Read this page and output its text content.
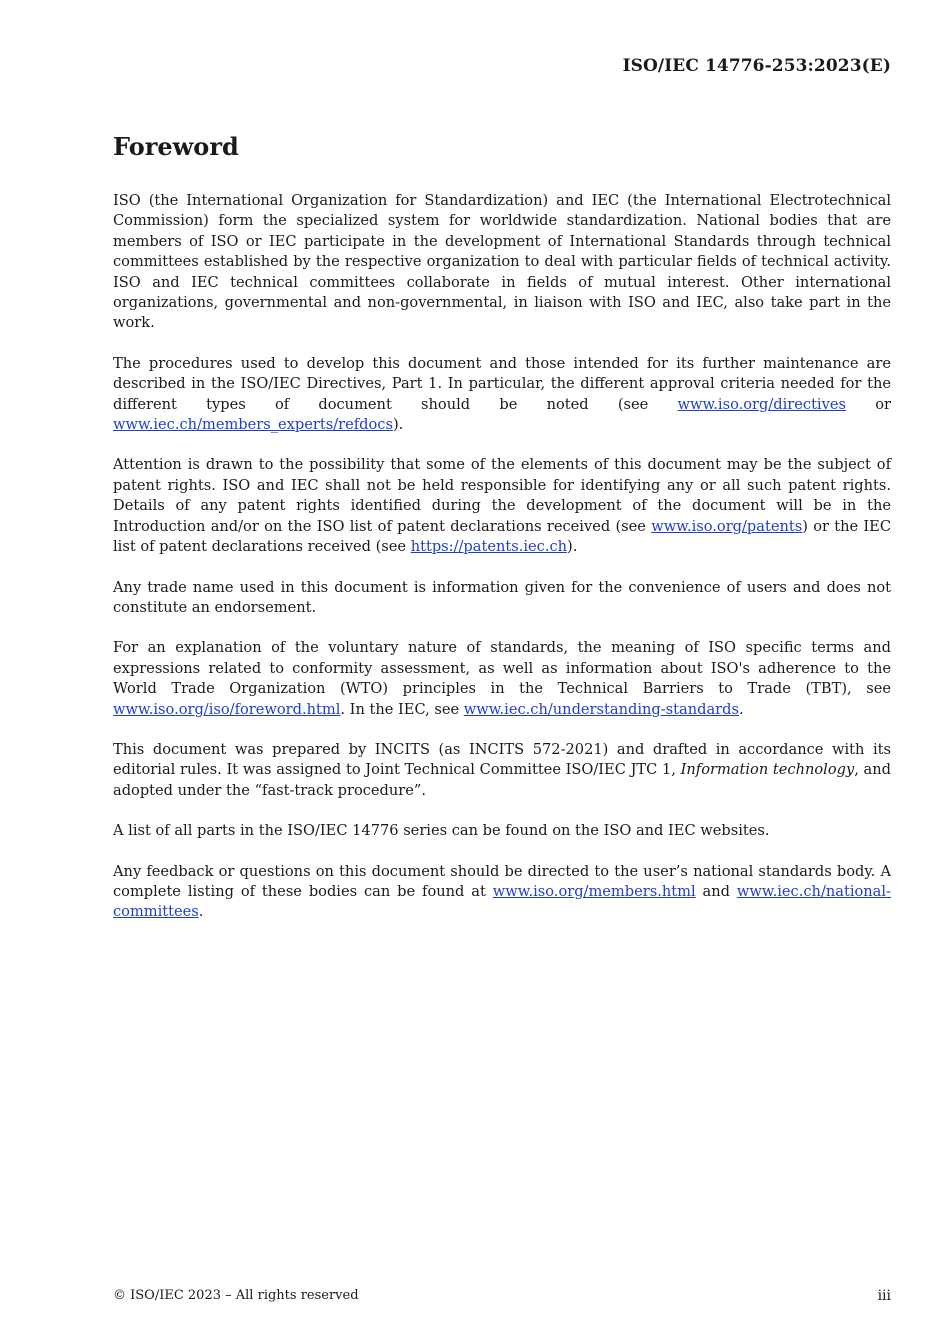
ISO/IEC 14776-253:2023(E)
Foreword

ISO (the International Organization for Standardization) and IEC (the International Electrotechnical Commission) form the specialized system for worldwide standardization. National bodies that are members of ISO or IEC participate in the development of International Standards through technical committees established by the respective organization to deal with particular fields of technical activity. ISO and IEC technical committees collaborate in fields of mutual interest. Other international organizations, governmental and non-governmental, in liaison with ISO and IEC, also take part in the work.

The procedures used to develop this document and those intended for its further maintenance are described in the ISO/IEC Directives, Part 1. In particular, the different approval criteria needed for the different types of document should be noted (see www.iso.org/directives or www.iec.ch/members_experts/refdocs).

Attention is drawn to the possibility that some of the elements of this document may be the subject of patent rights. ISO and IEC shall not be held responsible for identifying any or all such patent rights. Details of any patent rights identified during the development of the document will be in the Introduction and/or on the ISO list of patent declarations received (see www.iso.org/patents) or the IEC list of patent declarations received (see https://patents.iec.ch).

Any trade name used in this document is information given for the convenience of users and does not constitute an endorsement.

For an explanation of the voluntary nature of standards, the meaning of ISO specific terms and expressions related to conformity assessment, as well as information about ISO's adherence to the World Trade Organization (WTO) principles in the Technical Barriers to Trade (TBT), see www.iso.org/iso/foreword.html. In the IEC, see www.iec.ch/understanding-standards.

This document was prepared by INCITS (as INCITS 572-2021) and drafted in accordance with its editorial rules. It was assigned to Joint Technical Committee ISO/IEC JTC 1, Information technology, and adopted under the “fast-track procedure”.

A list of all parts in the ISO/IEC 14776 series can be found on the ISO and IEC websites.

Any feedback or questions on this document should be directed to the user’s national standards body. A complete listing of these bodies can be found at www.iso.org/members.html and www.iec.ch/national-committees.

© ISO/IEC 2023 – All rights reserved	iii
